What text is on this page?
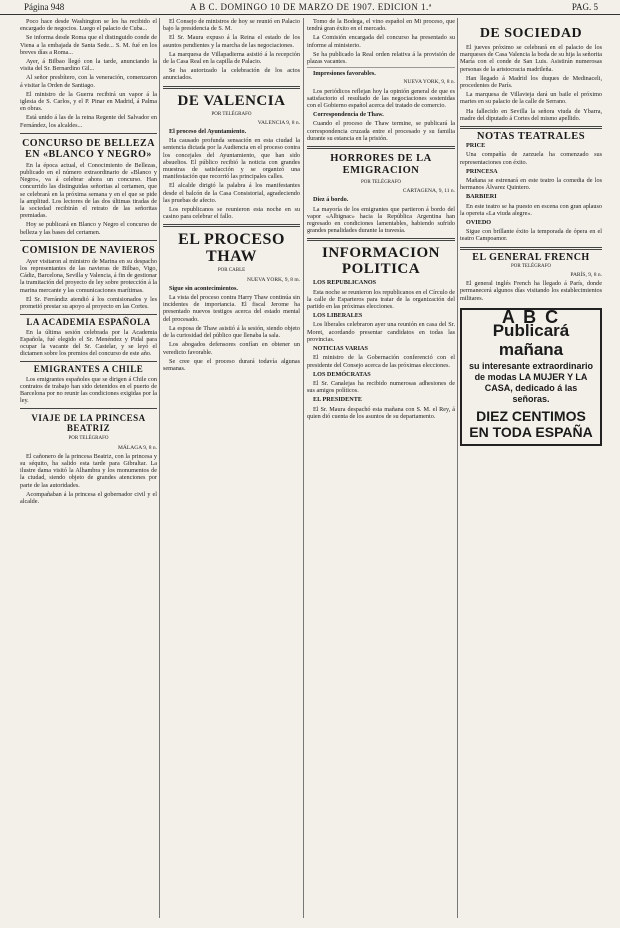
Página 948	A B C. DOMINGO 10 DE MARZO DE 1907. EDICION 1.ª	PAG. 5

Poco hace desde Washington se les ha recibido el encargado de negocios. Luego el palacio de Cuba...

Se informa desde Roma que el distinguido conde de Viena a la embajada de Santa Sede... S. M. fué en los breves días a Roma...

Ayer, á Bilbao llegó con la tarde, anunciando la visita del Sr. Bernardino Gil...

Al señor presbítero, con la veneración, comenzaron á visitar la Orden de Santiago.

El ministro de la Guerra recibirá un vapor á la iglesia de S. Carlos, y el P. Pinar en Madrid, á Palma en obras.

Está unido á las de la reina Regente del Salvador en Fernández, los alcaldes...

CONCURSO DE BELLEZA EN «BLANCO Y NEGRO»

En la época actual, el Conocimiento de Bellezas, publicado en el número extraordinario de «Blanco y Negro», va á celebrar ahora un concurso. Han concurrido las distinguidas señoritas al certamen, que se celebrará en la próxima semana y en el que se pide la amplitud. Los lectores de las dos últimas tiradas de la sociedad recibirán el retrato de las señoritas premiadas.

Hoy se publicará en Blanco y Negro el concurso de belleza y las bases del certamen.

COMISION DE NAVIEROS

Ayer visitaron al ministro de Marina en su despacho los representantes de las navieras de Bilbao, Vigo, Cádiz, Barcelona, Sevilla y Valencia, á fin de gestionar la tramitación del proyecto de ley sobre protección á la marina mercante y las comunicaciones marítimas.

El Sr. Ferrándiz atendió á los comisionados y les prometió prestar su apoyo al proyecto en las Cortes.

LA ACADEMIA ESPAÑOLA

En la última sesión celebrada por la Academia Española, fué elegido el Sr. Menéndez y Pidal para ocupar la vacante del Sr. Castelar, y se leyó el dictamen sobre los premios del concurso de este año.

EMIGRANTES A CHILE

Los emigrantes españoles que se dirigen á Chile con contratos de trabajo han sido detenidos en el puerto de Barcelona por no reunir las condiciones exigidas por la ley.

VIAJE DE LA PRINCESA BEATRIZ
POR TELÉGRAFO
MÁLAGA 9, 8 n.

El cañonero de la princesa Beatriz, con la princesa y su séquito, ha salido esta tarde para Gibraltar. La ilustre dama visitó la Alhambra y los monumentos de la ciudad, siendo objeto de grandes atenciones por parte de las autoridades.

Acompañaban á la princesa el gobernador civil y el alcalde.

El Consejo de ministros de hoy se reunió en Palacio bajo la presidencia de S. M.

El Sr. Maura expuso á la Reina el estado de los asuntos pendientes y la marcha de las negociaciones.

La marquesa de Villapadierna asistió á la recepción de la Casa Real en la capilla de Palacio.

Se ha autorizado la celebración de los actos anunciados.

DE VALENCIA
POR TELÉGRAFO
VALENCIA 9, 8 n.

El proceso del Ayuntamiento.

Ha causado profunda sensación en esta ciudad la sentencia dictada por la Audiencia en el proceso contra los concejales del Ayuntamiento, que han sido absueltos. El público recibió la noticia con grandes muestras de satisfacción y se organizó una manifestación que recorrió las principales calles.

El alcalde dirigió la palabra á los manifestantes desde el balcón de la Casa Consistorial, agradeciendo las pruebas de afecto.

Los republicanos se reunieron esta noche en su casino para celebrar el fallo.

EL PROCESO THAW
POR CABLE
NUEVA YORK, 9, 8 m.

Sigue sin acontecimientos.

La vista del proceso contra Harry Thaw continúa sin incidentes de importancia. El fiscal Jerome ha presentado nuevos testigos acerca del estado mental del procesado.

La esposa de Thaw asistió á la sesión, siendo objeto de la curiosidad del público que llenaba la sala.

Los abogados defensores confían en obtener un veredicto favorable.

Se cree que el proceso durará todavía algunas semanas.

Tomo de la Bodega, el vino español en Mi proceso, que tendrá gran éxito en el mercado.

La Comisión encargada del concurso ha presentado su informe al ministerio.

Se ha publicado la Real orden relativa á la provisión de plazas vacantes.

Impresiones favorables.

NUEVA YORK, 9, 8 n.

Los periódicos reflejan hoy la opinión general de que es satisfactorio el resultado de las negociaciones sostenidas con el Gobierno español acerca del tratado de comercio.

Correspondencia de Thaw.

Cuando el proceso de Thaw termine, se publicará la correspondencia cruzada entre el procesado y su familia durante su estancia en la prisión.

HORRORES DE LA EMIGRACION
POR TELÉGRAFO
CARTAGENA, 9, 11 n.

Diez á bordo.

La mayoría de los emigrantes que partieron á bordo del vapor «Albignac» hacia la República Argentina han regresado en condiciones lamentables, habiendo sufrido grandes penalidades durante la travesía.

INFORMACION POLITICA

LOS REPUBLICANOS

Esta noche se reunieron los republicanos en el Círculo de la calle de Esparteros para tratar de la organización del partido en las próximas elecciones.

LOS LIBERALES

Los liberales celebraron ayer una reunión en casa del Sr. Moret, acordando presentar candidatos en todas las provincias.

NOTICIAS VARIAS

El ministro de la Gobernación conferenció con el presidente del Consejo acerca de las próximas elecciones.

LOS DEMÓCRATAS

El Sr. Canalejas ha recibido numerosas adhesiones de sus amigos políticos.

EL PRESIDENTE

El Sr. Maura despachó esta mañana con S. M. el Rey, á quien dió cuenta de los asuntos de su departamento.

DE SOCIEDAD

El jueves próximo se celebrará en el palacio de los marqueses de Casa Valencia la boda de su hija la señorita María con el conde de San Luis. Asistirán numerosas personas de la aristocracia madrileña.

Han llegado á Madrid los duques de Medinaceli, procedentes de París.

La marquesa de Villavieja dará un baile el próximo martes en su palacio de la calle de Serrano.

Ha fallecido en Sevilla la señora viuda de Ybarra, madre del diputado á Cortes del mismo apellido.

NOTAS TEATRALES

PRICE

Una compañía de zarzuela ha comenzado sus representaciones con éxito.

PRINCESA

Mañana se estrenará en este teatro la comedia de los hermanos Álvarez Quintero.

BARBIERI

En este teatro se ha puesto en escena con gran aplauso la opereta «La viuda alegre».

OVIEDO

Sigue con brillante éxito la temporada de ópera en el teatro Campoamor.

EL GENERAL FRENCH
POR TELÉGRAFO
PARÍS, 9, 8 n.

El general inglés French ha llegado á París, donde permanecerá algunos días visitando los establecimientos militares.

A B C
Publicará mañana
su interesante extraordinario de modas LA MUJER Y LA CASA, dedicado á las señoras.
DIEZ CENTIMOS EN TODA ESPAÑA
